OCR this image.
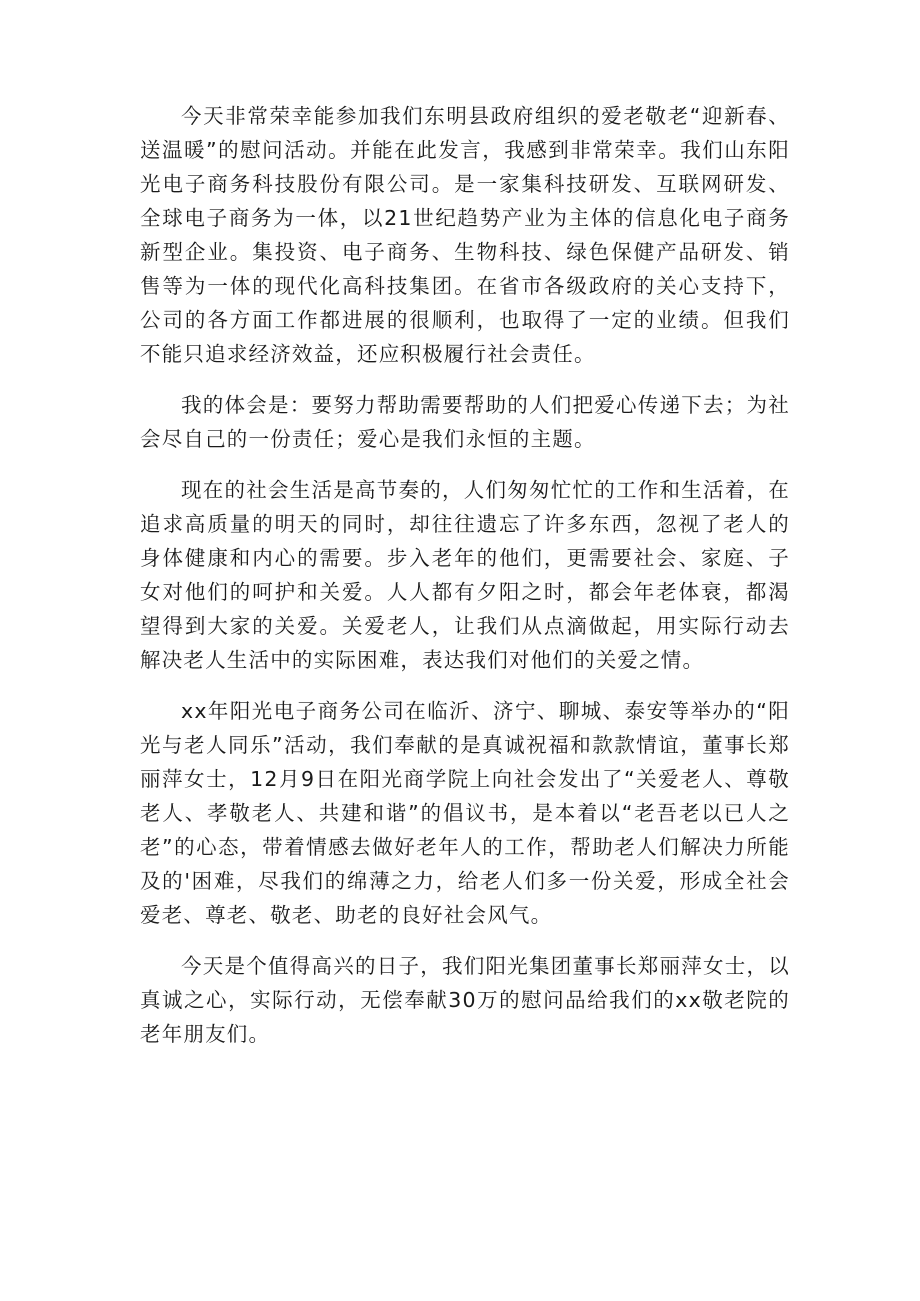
今天非常荣幸能参加我们东明县政府组织的爱老敬老“迎新春、送温暖”的慰问活动。并能在此发言，我感到非常荣幸。我们山东阳光电子商务科技股份有限公司。是一家集科技研发、互联网研发、全球电子商务为一体，以21世纪趋势产业为主体的信息化电子商务新型企业。集投资、电子商务、生物科技、绿色保健产品研发、销售等为一体的现代化高科技集团。在省市各级政府的关心支持下，公司的各方面工作都进展的很顺利，也取得了一定的业绩。但我们不能只追求经济效益，还应积极履行社会责任。

我的体会是：要努力帮助需要帮助的人们把爱心传递下去；为社会尽自己的一份责任；爱心是我们永恒的主题。

现在的社会生活是高节奏的，人们匆匆忙忙的工作和生活着，在追求高质量的明天的同时，却往往遗忘了许多东西，忽视了老人的身体健康和内心的需要。步入老年的他们，更需要社会、家庭、子女对他们的呵护和关爱。人人都有夕阳之时，都会年老体衰，都渴望得到大家的关爱。关爱老人，让我们从点滴做起，用实际行动去解决老人生活中的实际困难，表达我们对他们的关爱之情。

xx年阳光电子商务公司在临沂、济宁、聊城、泰安等举办的“阳光与老人同乐”活动，我们奉献的是真诚祝福和款款情谊，董事长郑丽萍女士，12月9日在阳光商学院上向社会发出了“关爱老人、尊敬老人、孝敬老人、共建和谐”的倡议书，是本着以“老吾老以已人之老”的心态，带着情感去做好老年人的工作，帮助老人们解决力所能及的'困难，尽我们的绵薄之力，给老人们多一份关爱，形成全社会爱老、尊老、敬老、助老的良好社会风气。

今天是个值得高兴的日子，我们阳光集团董事长郑丽萍女士，以真诚之心，实际行动，无偿奉献30万的慰问品给我们的xx敬老院的老年朋友们。
